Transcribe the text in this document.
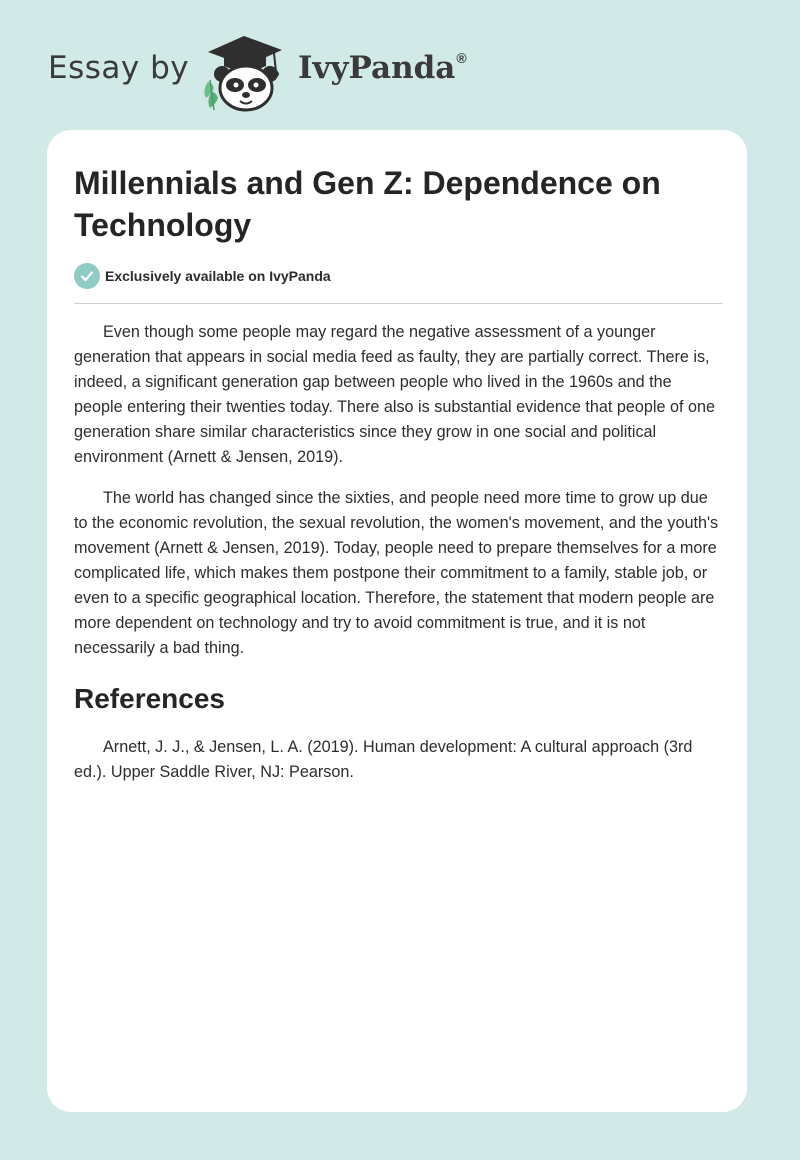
Essay by	IvyPanda®
Millennials and Gen Z: Dependence on Technology
Exclusively available on IvyPanda

Even though some people may regard the negative assessment of a younger generation that appears in social media feed as faulty, they are partially correct. There is, indeed, a significant generation gap between people who lived in the 1960s and the people entering their twenties today. There also is substantial evidence that people of one generation share similar characteristics since they grow in one social and political environment (Arnett & Jensen, 2019).

The world has changed since the sixties, and people need more time to grow up due to the economic revolution, the sexual revolution, the women's movement, and the youth's movement (Arnett & Jensen, 2019). Today, people need to prepare themselves for a more complicated life, which makes them postpone their commitment to a family, stable job, or even to a specific geographical location. Therefore, the statement that modern people are more dependent on technology and try to avoid commitment is true, and it is not necessarily a bad thing.

References

Arnett, J. J., & Jensen, L. A. (2019). Human development: A cultural approach (3rd ed.). Upper Saddle River, NJ: Pearson.
